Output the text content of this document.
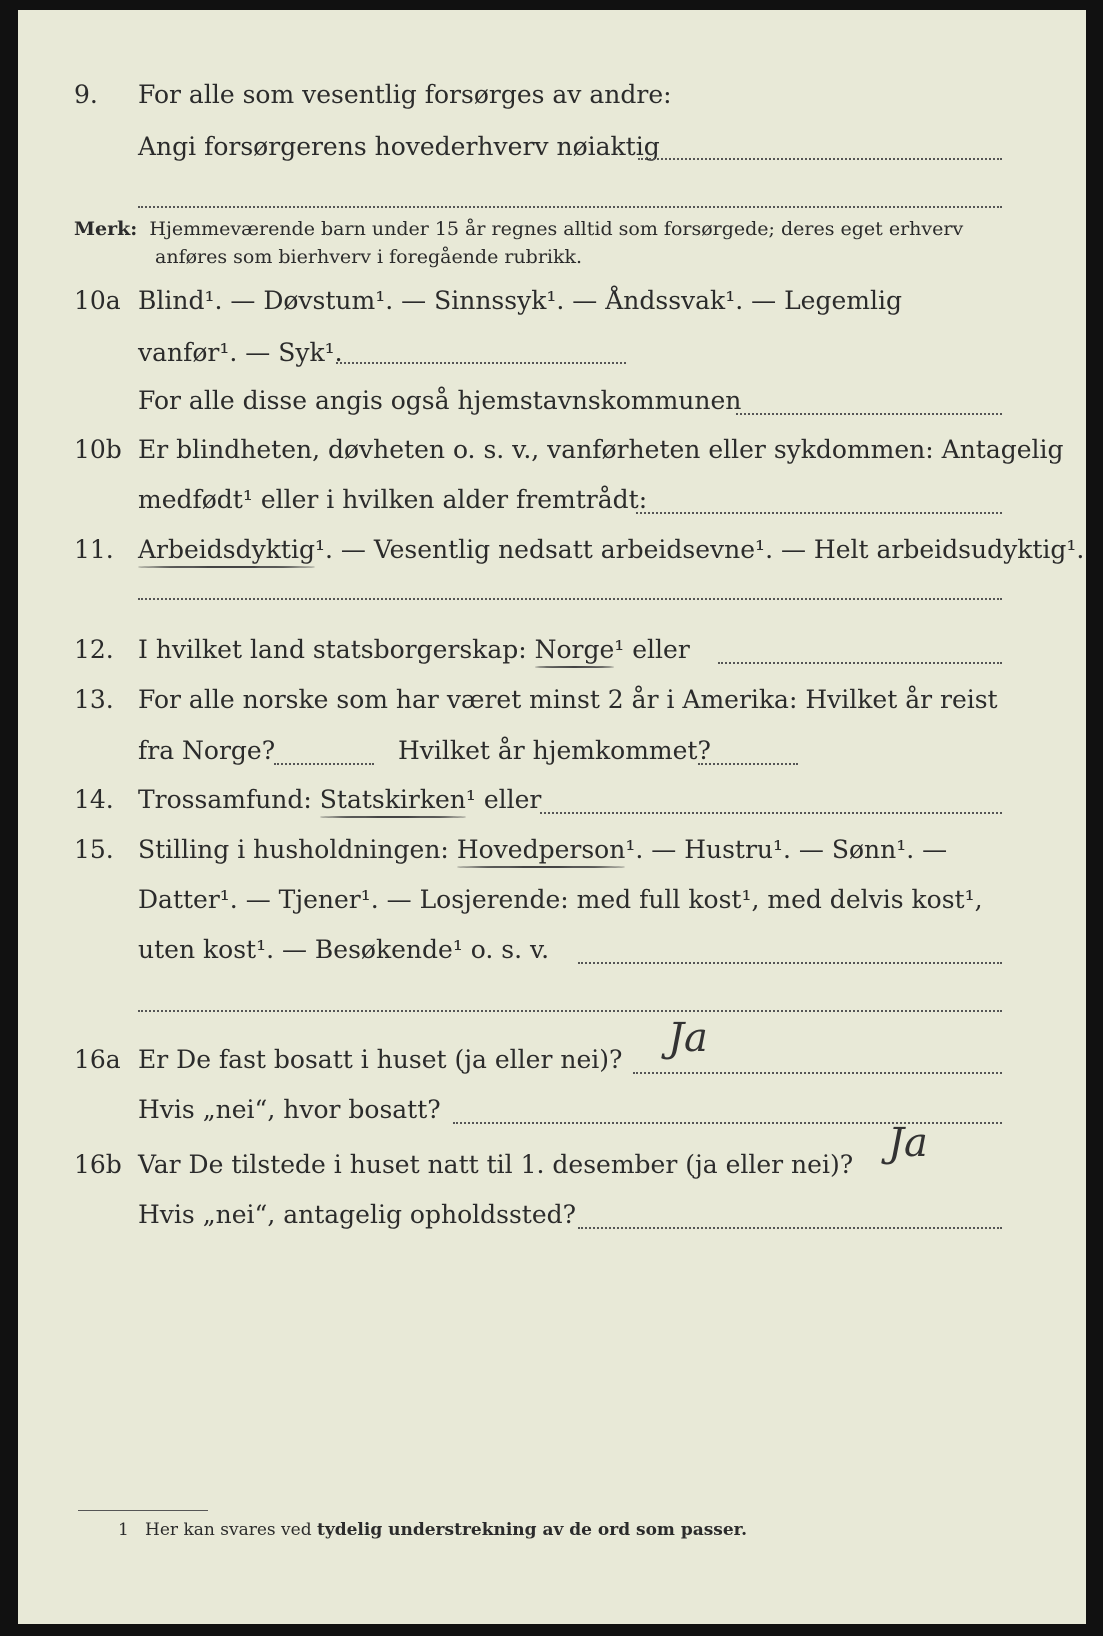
9. For alle som vesentlig forsørges av andre:
Angi forsørgerens hovederhverv nøiaktig
Merk: Hjemmeværende barn under 15 år regnes alltid som forsørgede; deres eget erhverv
anføres som bierhverv i foregående rubrikk.
10a Blind¹. — Døvstum¹. — Sinnssyk¹. — Åndssvak¹. — Legemlig
vanfør¹. — Syk¹.
For alle disse angis også hjemstavnskommunen
10b Er blindheten, døvheten o. s. v., vanførheten eller sykdommen: Antagelig
medfødt¹ eller i hvilken alder fremtrådt:
11. Arbeidsdyktig¹. — Vesentlig nedsatt arbeidsevne¹. — Helt arbeidsudyktig¹.
12. I hvilket land statsborgerskap: Norge¹ eller
13. For alle norske som har været minst 2 år i Amerika: Hvilket år reist
fra Norge?	Hvilket år hjemkommet?
14. Trossamfund: Statskirken¹ eller
15. Stilling i husholdningen: Hovedperson¹. — Hustru¹. — Sønn¹. —
Datter¹. — Tjener¹. — Losjerende: med full kost¹, med delvis kost¹,
uten kost¹. — Besøkende¹ o. s. v.
16a Er De fast bosatt i huset (ja eller nei)? Ja
Hvis „nei“, hvor bosatt?
16b Var De tilstede i huset natt til 1. desember (ja eller nei)? Ja
Hvis „nei“, antagelig opholdssted?
1 Her kan svares ved tydelig understrekning av de ord som passer.
